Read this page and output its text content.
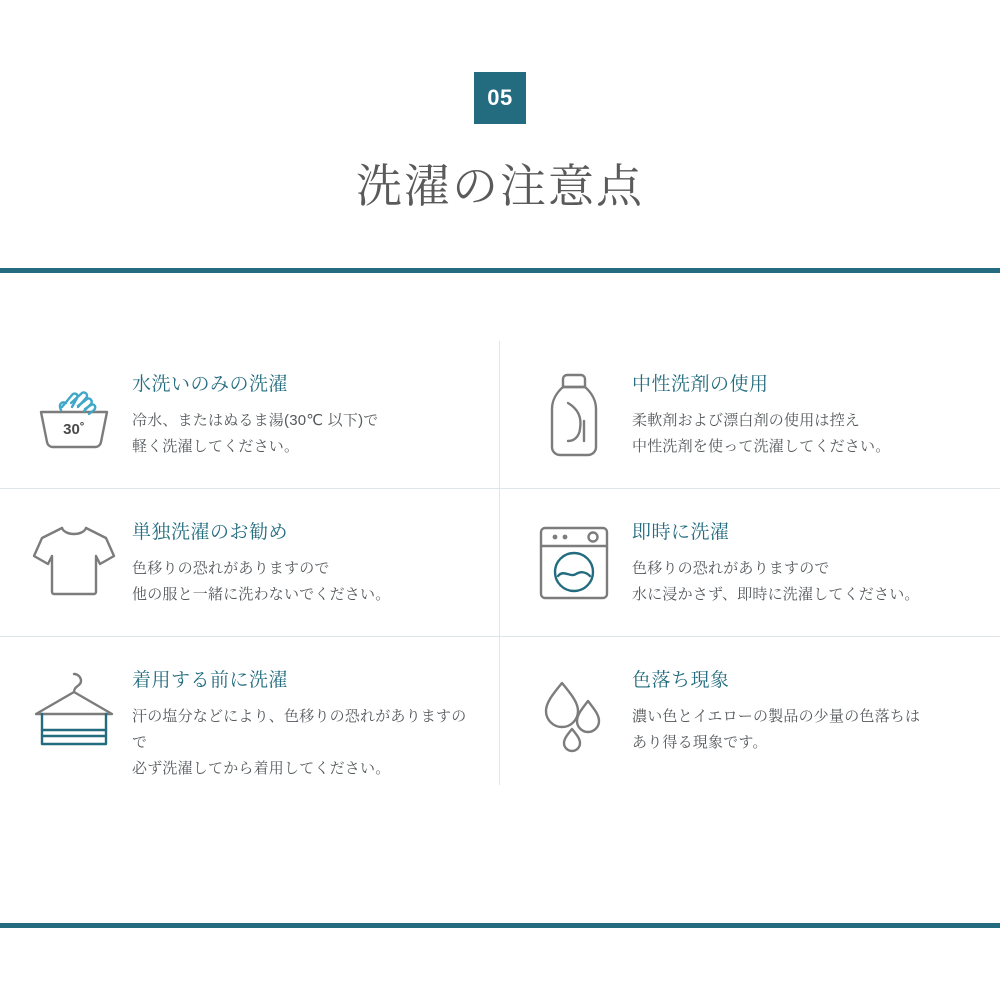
05
洗濯の注意点
30˚
水洗いのみの洗濯
冷水、またはぬるま湯(30℃ 以下)で
軽く洗濯してください。
中性洗剤の使用
柔軟剤および漂白剤の使用は控え
中性洗剤を使って洗濯してください。
単独洗濯のお勧め
色移りの恐れがありますので
他の服と一緒に洗わないでください。
即時に洗濯
色移りの恐れがありますので
水に浸かさず、即時に洗濯してください。
着用する前に洗濯
汗の塩分などにより、色移りの恐れがありますので
必ず洗濯してから着用してください。
色落ち現象
濃い色とイエローの製品の少量の色落ちは
あり得る現象です。
